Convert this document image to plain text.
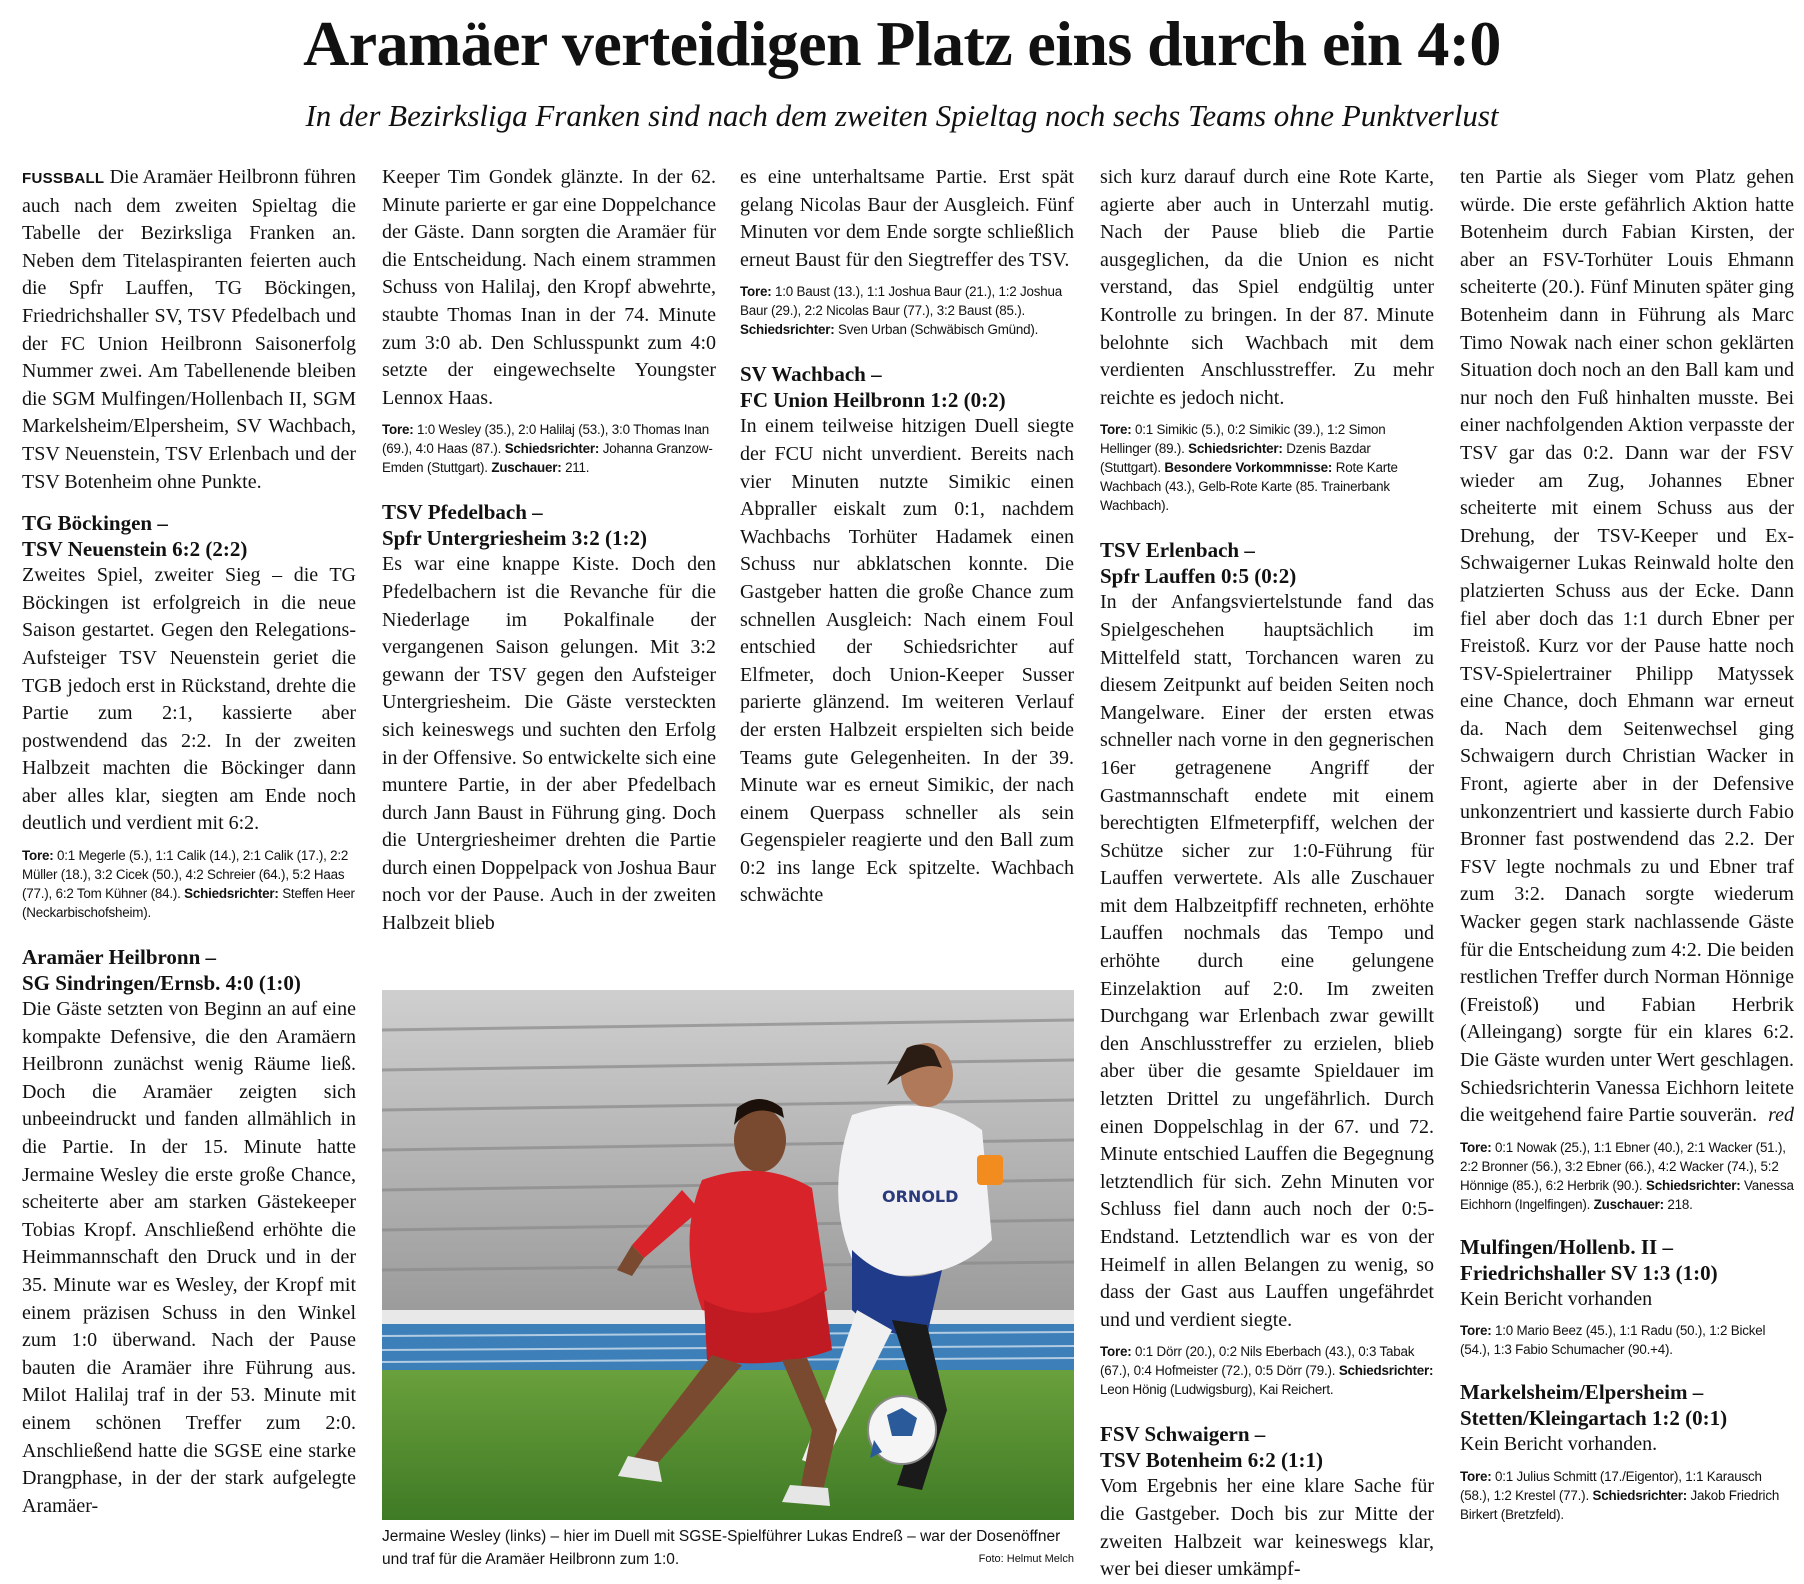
Aramäer verteidigen Platz eins durch ein 4:0

In der Bezirksliga Franken sind nach dem zweiten Spieltag noch sechs Teams ohne Punktverlust

FUSSBALL Die Aramäer Heilbronn führen auch nach dem zweiten Spieltag die Tabelle der Bezirksliga Franken an. Neben dem Titelaspiranten feierten auch die Spfr Lauffen, TG Böckingen, Friedrichshaller SV, TSV Pfedelbach und der FC Union Heilbronn Saisonerfolg Nummer zwei. Am Tabellenende bleiben die SGM Mulfingen/Hollenbach II, SGM Markelsheim/Elpersheim, SV Wachbach, TSV Neuenstein, TSV Erlenbach und der TSV Botenheim ohne Punkte.

TG Böckingen –
TSV Neuenstein 6:2 (2:2)

Zweites Spiel, zweiter Sieg – die TG Böckingen ist erfolgreich in die neue Saison gestartet. Gegen den Relegations-Aufsteiger TSV Neuenstein geriet die TGB jedoch erst in Rückstand, drehte die Partie zum 2:1, kassierte aber postwendend das 2:2. In der zweiten Halbzeit machten die Böckinger dann aber alles klar, siegten am Ende noch deutlich und verdient mit 6:2.

Tore: 0:1 Megerle (5.), 1:1 Calik (14.), 2:1 Calik (17.), 2:2 Müller (18.), 3:2 Cicek (50.), 4:2 Schreier (64.), 5:2 Haas (77.), 6:2 Tom Kühner (84.). Schiedsrichter: Steffen Heer (Neckarbischofsheim).

Aramäer Heilbronn –
SG Sindringen/Ernsb. 4:0 (1:0)

Die Gäste setzten von Beginn an auf eine kompakte Defensive, die den Aramäern Heilbronn zunächst wenig Räume ließ. Doch die Aramäer zeigten sich unbeeindruckt und fanden allmählich in die Partie. In der 15. Minute hatte Jermaine Wesley die erste große Chance, scheiterte aber am starken Gästekeeper Tobias Kropf. Anschließend erhöhte die Heimmannschaft den Druck und in der 35. Minute war es Wesley, der Kropf mit einem präzisen Schuss in den Winkel zum 1:0 überwand. Nach der Pause bauten die Aramäer ihre Führung aus. Milot Halilaj traf in der 53. Minute mit einem schönen Treffer zum 2:0. Anschließend hatte die SGSE eine starke Drangphase, in der der stark aufgelegte Aramäer-

Keeper Tim Gondek glänzte. In der 62. Minute parierte er gar eine Doppelchance der Gäste. Dann sorgten die Aramäer für die Entscheidung. Nach einem strammen Schuss von Halilaj, den Kropf abwehrte, staubte Thomas Inan in der 74. Minute zum 3:0 ab. Den Schlusspunkt zum 4:0 setzte der eingewechselte Youngster Lennox Haas.

Tore: 1:0 Wesley (35.), 2:0 Halilaj (53.), 3:0 Thomas Inan (69.), 4:0 Haas (87.). Schiedsrichter: Johanna Granzow-Emden (Stuttgart). Zuschauer: 211.

TSV Pfedelbach –
Spfr Untergriesheim 3:2 (1:2)

Es war eine knappe Kiste. Doch den Pfedelbachern ist die Revanche für die Niederlage im Pokalfinale der vergangenen Saison gelungen. Mit 3:2 gewann der TSV gegen den Aufsteiger Untergriesheim. Die Gäste versteckten sich keineswegs und suchten den Erfolg in der Offensive. So entwickelte sich eine muntere Partie, in der aber Pfedelbach durch Jann Baust in Führung ging. Doch die Untergriesheimer drehten die Partie durch einen Doppelpack von Joshua Baur noch vor der Pause. Auch in der zweiten Halbzeit blieb

es eine unterhaltsame Partie. Erst spät gelang Nicolas Baur der Ausgleich. Fünf Minuten vor dem Ende sorgte schließlich erneut Baust für den Siegtreffer des TSV.

Tore: 1:0 Baust (13.), 1:1 Joshua Baur (21.), 1:2 Joshua Baur (29.), 2:2 Nicolas Baur (77.), 3:2 Baust (85.). Schiedsrichter: Sven Urban (Schwäbisch Gmünd).

SV Wachbach –
FC Union Heilbronn 1:2 (0:2)

In einem teilweise hitzigen Duell siegte der FCU nicht unverdient. Bereits nach vier Minuten nutzte Simikic einen Abpraller eiskalt zum 0:1, nachdem Wachbachs Torhüter Hadamek einen Schuss nur abklatschen konnte. Die Gastgeber hatten die große Chance zum schnellen Ausgleich: Nach einem Foul entschied der Schiedsrichter auf Elfmeter, doch Union-Keeper Susser parierte glänzend. Im weiteren Verlauf der ersten Halbzeit erspielten sich beide Teams gute Gelegenheiten. In der 39. Minute war es erneut Simikic, der nach einem Querpass schneller als sein Gegenspieler reagierte und den Ball zum 0:2 ins lange Eck spitzelte. Wachbach schwächte

sich kurz darauf durch eine Rote Karte, agierte aber auch in Unterzahl mutig. Nach der Pause blieb die Partie ausgeglichen, da die Union es nicht verstand, das Spiel endgültig unter Kontrolle zu bringen. In der 87. Minute belohnte sich Wachbach mit dem verdienten Anschlusstreffer. Zu mehr reichte es jedoch nicht.

Tore: 0:1 Simikic (5.), 0:2 Simikic (39.), 1:2 Simon Hellinger (89.). Schiedsrichter: Dzenis Bazdar (Stuttgart). Besondere Vorkommnisse: Rote Karte Wachbach (43.), Gelb-Rote Karte (85. Trainerbank Wachbach).

TSV Erlenbach –
Spfr Lauffen 0:5 (0:2)

In der Anfangsviertelstunde fand das Spielgeschehen hauptsächlich im Mittelfeld statt, Torchancen waren zu diesem Zeitpunkt auf beiden Seiten noch Mangelware. Einer der ersten etwas schneller nach vorne in den gegnerischen 16er getragenene Angriff der Gastmannschaft endete mit einem berechtigten Elfmeterpfiff, welchen der Schütze sicher zur 1:0-Führung für Lauffen verwertete. Als alle Zuschauer mit dem Halbzeitpfiff rechneten, erhöhte Lauffen nochmals das Tempo und erhöhte durch eine gelungene Einzelaktion auf 2:0. Im zweiten Durchgang war Erlenbach zwar gewillt den Anschlusstreffer zu erzielen, blieb aber über die gesamte Spieldauer im letzten Drittel zu ungefährlich. Durch einen Doppelschlag in der 67. und 72. Minute entschied Lauffen die Begegnung letztendlich für sich. Zehn Minuten vor Schluss fiel dann auch noch der 0:5-Endstand. Letztendlich war es von der Heimelf in allen Belangen zu wenig, so dass der Gast aus Lauffen ungefährdet und und verdient siegte.

Tore: 0:1 Dörr (20.), 0:2 Nils Eberbach (43.), 0:3 Tabak (67.), 0:4 Hofmeister (72.), 0:5 Dörr (79.). Schiedsrichter: Leon Hönig (Ludwigsburg), Kai Reichert.

FSV Schwaigern –
TSV Botenheim 6:2 (1:1)

Vom Ergebnis her eine klare Sache für die Gastgeber. Doch bis zur Mitte der zweiten Halbzeit war keineswegs klar, wer bei dieser umkämpf-

ten Partie als Sieger vom Platz gehen würde. Die erste gefährlich Aktion hatte Botenheim durch Fabian Kirsten, der aber an FSV-Torhüter Louis Ehmann scheiterte (20.). Fünf Minuten später ging Botenheim dann in Führung als Marc Timo Nowak nach einer schon geklärten Situation doch noch an den Ball kam und nur noch den Fuß hinhalten musste. Bei einer nachfolgenden Aktion verpasste der TSV gar das 0:2. Dann war der FSV wieder am Zug, Johannes Ebner scheiterte mit einem Schuss aus der Drehung, der TSV-Keeper und Ex-Schwaigerner Lukas Reinwald holte den platzierten Schuss aus der Ecke. Dann fiel aber doch das 1:1 durch Ebner per Freistoß. Kurz vor der Pause hatte noch TSV-Spielertrainer Philipp Matyssek eine Chance, doch Ehmann war erneut da. Nach dem Seitenwechsel ging Schwaigern durch Christian Wacker in Front, agierte aber in der Defensive unkonzentriert und kassierte durch Fabio Bronner fast postwendend das 2.2. Der FSV legte nochmals zu und Ebner traf zum 3:2. Danach sorgte wiederum Wacker gegen stark nachlassende Gäste für die Entscheidung zum 4:2. Die beiden restlichen Treffer durch Norman Hönnige (Freistoß) und Fabian Herbrik (Alleingang) sorgte für ein klares 6:2. Die Gäste wurden unter Wert geschlagen. Schiedsrichterin Vanessa Eichhorn leitete die weitgehend faire Partie souverän. red

Tore: 0:1 Nowak (25.), 1:1 Ebner (40.), 2:1 Wacker (51.), 2:2 Bronner (56.), 3:2 Ebner (66.), 4:2 Wacker (74.), 5:2 Hönnige (85.), 6:2 Herbrik (90.). Schiedsrichter: Vanessa Eichhorn (Ingelfingen). Zuschauer: 218.

Mulfingen/Hollenb. II –
Friedrichshaller SV 1:3 (1:0)

Kein Bericht vorhanden

Tore: 1:0 Mario Beez (45.), 1:1 Radu (50.), 1:2 Bickel (54.), 1:3 Fabio Schumacher (90.+4).

Markelsheim/Elpersheim –
Stetten/Kleingartach 1:2 (0:1)

Kein Bericht vorhanden.

Tore: 0:1 Julius Schmitt (17./Eigentor), 1:1 Karausch (58.), 1:2 Krestel (77.). Schiedsrichter: Jakob Friedrich Birkert (Bretzfeld).

ORNOLD
Jermaine Wesley (links) – hier im Duell mit SGSE-Spielführer Lukas Endreß – war der Dosenöffner und traf für die Aramäer Heilbronn zum 1:0.	Foto: Helmut Melch
